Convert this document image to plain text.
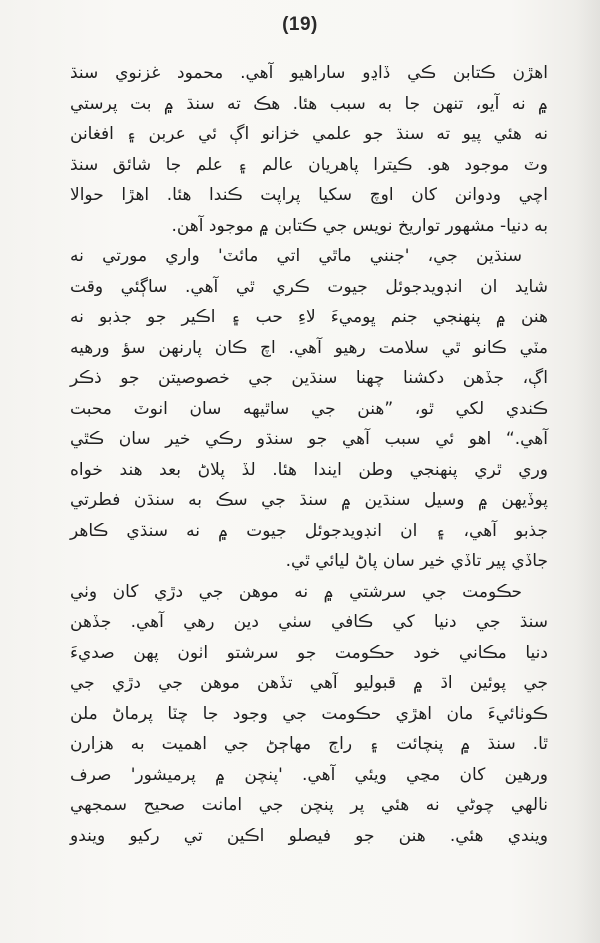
(19)
اهڙن ڪتابن ڪي ڏاڍو ساراهيو آهي. محمود غزنوي سنڌ
۾ نه آيو، تنهن جا به سبب هئا. هڪ ته سنڌ ۾ بت پرستي
نه هئي پيو ته سنڌ جو علمي خزانو اڳ ئي عربن ۽ افغانن
وٽ موجود هو. ڪيترا پاهريان عالم ۽ علم جا شائق سنڌ
اچي ودوانن کان اوچ سکيا پراپت ڪندا هئا. اهڙا حوالا
به دنيا- مشهور تواريخ نويس جي ڪتابن ۾ موجود آهن.
سنڌين جي، 'جنني ماٿي اتي مائٽ' واري مورتي نه
شايد ان انڊويدجوئل جيوت ڪري ٿي آهي. ساڳئي وقت
هنن ۾ پنهنجي جنم ڀوميءَ لاءِ حب ۽ اڪير جو جذبو نه
مٽي ڪانو ٿي سلامت رهيو آهي. اچ ڪان پارنهن سؤ ورهيه
اڳ، جڏهن دکشنا چهنا سنڌين جي خصوصيتن جو ذڪر
ڪندي لکي ٿو، ”هنن جي ساٿيهه سان انوٽ محبت
آهي.“ اهو ئي سبب آهي جو سنڌو رڪي خير سان ڪٿي
وري ٿري پنهنجي وطن ايندا هئا. لڏ پلاڻ بعد هند خواه
پوڏيهن ۾ وسيل سنڌين ۾ سنڌ جي سڪ به سنڌن فطرتي
جذبو آهي، ۽ ان انڊويدجوئل جيوت ۾ نه سنڌي ڪاهر
جاڏي پير تاڏي خير سان پاڻ ليائي ٿي.
حڪومت جي سرشتي ۾ نه موهن جي دڙي کان وٺي
سنڌ جي دنيا کي ڪافي سٺي دين رهي آهي. جڏهن
دنيا مڪاني خود حڪومت جو سرشتو اٺون پهن صديءَ
جي پوئين اڌ ۾ قبوليو آهي تڏهن موهن جي دڙي جي
ڪوٺائيءَ مان اهڙي حڪومت جي وجود جا چٽا پرماڻ ملن
ٿا. سنڌ ۾ پنچائت ۽ راڄ مهاڄڻ جي اهميت به هزارن
ورهين کان مڃي ويئي آهي. 'پنچن ۾ پرميشور' صرف
نالهي چوڻي نه هئي پر پنچن جي امانت صحيح سمجهي
ويندي هئي. هنن جو فيصلو اڪين تي رکيو ويندو
